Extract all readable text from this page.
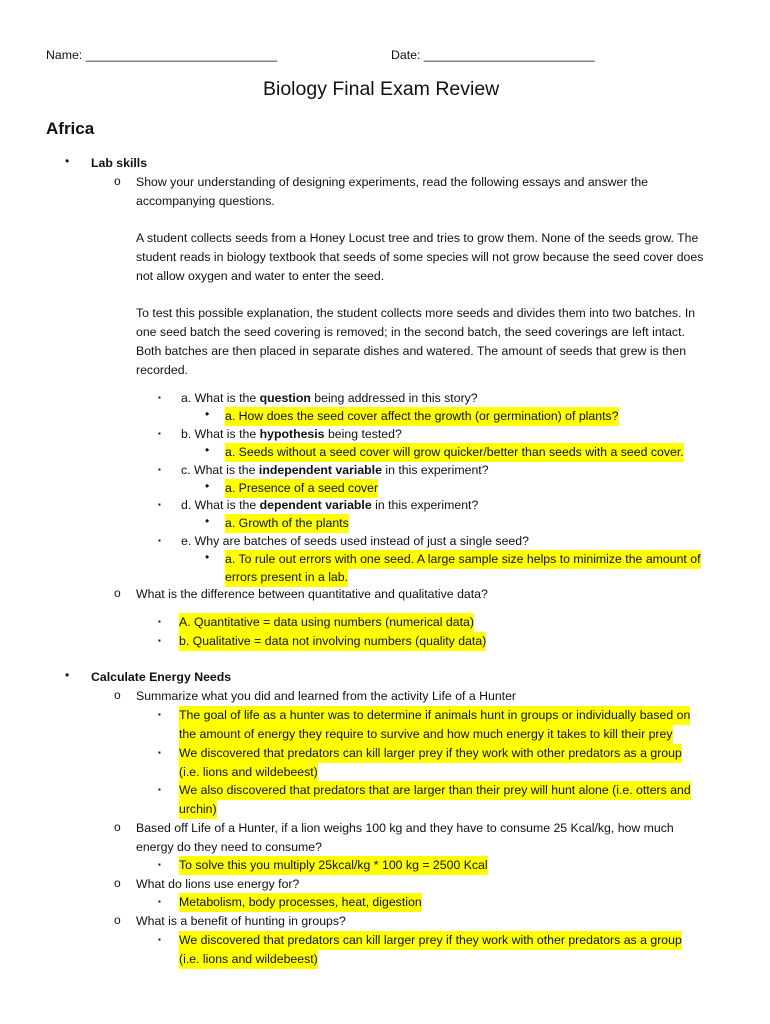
Name: ____________________________	Date: _________________________
Biology Final Exam Review
Africa
• Lab skills
o Show your understanding of designing experiments, read the following essays and answer the
accompanying questions.
A student collects seeds from a Honey Locust tree and tries to grow them. None of the seeds grow. The
student reads in biology textbook that seeds of some species will not grow because the seed cover does
not allow oxygen and water to enter the seed.
To test this possible explanation, the student collects more seeds and divides them into two batches. In
one seed batch the seed covering is removed; in the second batch, the seed coverings are left intact.
Both batches are then placed in separate dishes and watered. The amount of seeds that grew is then
recorded.
▪ a. What is the question being addressed in this story?
• a. How does the seed cover affect the growth (or germination) of plants?
▪ b. What is the hypothesis being tested?
• a. Seeds without a seed cover will grow quicker/better than seeds with a seed cover.
▪ c. What is the independent variable in this experiment?
• a. Presence of a seed cover
▪ d. What is the dependent variable in this experiment?
• a. Growth of the plants
▪ e. Why are batches of seeds used instead of just a single seed?
• a. To rule out errors with one seed. A large sample size helps to minimize the amount of
errors present in a lab.
o What is the difference between quantitative and qualitative data?
▪ A. Quantitative = data using numbers (numerical data)
▪ b. Qualitative = data not involving numbers (quality data)
• Calculate Energy Needs
o Summarize what you did and learned from the activity Life of a Hunter
▪ The goal of life as a hunter was to determine if animals hunt in groups or individually based on
the amount of energy they require to survive and how much energy it takes to kill their prey
▪ We discovered that predators can kill larger prey if they work with other predators as a group
(i.e. lions and wildebeest)
▪ We also discovered that predators that are larger than their prey will hunt alone (i.e. otters and
urchin)
o Based off Life of a Hunter, if a lion weighs 100 kg and they have to consume 25 Kcal/kg, how much
energy do they need to consume?
▪ To solve this you multiply 25kcal/kg * 100 kg = 2500 Kcal
o What do lions use energy for?
▪ Metabolism, body processes, heat, digestion
o What is a benefit of hunting in groups?
▪ We discovered that predators can kill larger prey if they work with other predators as a group
(i.e. lions and wildebeest)
